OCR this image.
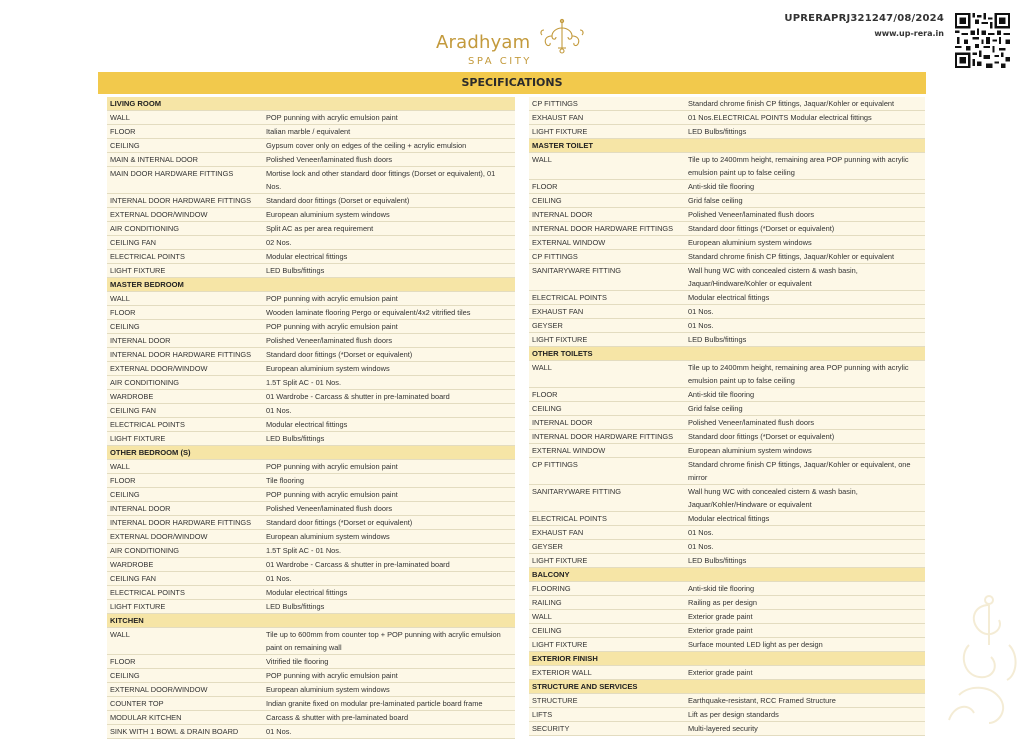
UPRERAPRJ321247/08/2024
www.up-rera.in
Aradhyam
SPA CITY
SPECIFICATIONS
LIVING ROOM
WALL	POP punning with acrylic emulsion paint
FLOOR	Italian marble / equivalent
CEILING	Gypsum cover only on edges of the ceiling + acrylic emulsion
MAIN & INTERNAL DOOR	Polished Veneer/laminated flush doors
MAIN DOOR HARDWARE FITTINGS	Mortise lock and other standard door fittings (Dorset or equivalent), 01 Nos.
INTERNAL DOOR HARDWARE FITTINGS	Standard door fittings (Dorset or equivalent)
EXTERNAL DOOR/WINDOW	European aluminium system windows
AIR CONDITIONING	Split AC as per area requirement
CEILING FAN	02 Nos.
ELECTRICAL POINTS	Modular electrical fittings
LIGHT FIXTURE	LED Bulbs/fittings
MASTER BEDROOM
WALL	POP punning with acrylic emulsion paint
FLOOR	Wooden laminate flooring Pergo or equivalent/4x2 vitrified tiles
CEILING	POP punning with acrylic emulsion paint
INTERNAL DOOR	Polished Veneer/laminated flush doors
INTERNAL DOOR HARDWARE FITTINGS	Standard door fittings (*Dorset or equivalent)
EXTERNAL DOOR/WINDOW	European aluminium system windows
AIR CONDITIONING	1.5T Split AC - 01 Nos.
WARDROBE	01 Wardrobe - Carcass & shutter in pre-laminated board
CEILING FAN	01 Nos.
ELECTRICAL POINTS	Modular electrical fittings
LIGHT FIXTURE	LED Bulbs/fittings
OTHER BEDROOM (S)
WALL	POP punning with acrylic emulsion paint
FLOOR	Tile flooring
CEILING	POP punning with acrylic emulsion paint
INTERNAL DOOR	Polished Veneer/laminated flush doors
INTERNAL DOOR HARDWARE FITTINGS	Standard door fittings (*Dorset or equivalent)
EXTERNAL DOOR/WINDOW	European aluminium system windows
AIR CONDITIONING	1.5T Split AC - 01 Nos.
WARDROBE	01 Wardrobe - Carcass & shutter in pre-laminated board
CEILING FAN	01 Nos.
ELECTRICAL POINTS	Modular electrical fittings
LIGHT FIXTURE	LED Bulbs/fittings
KITCHEN
WALL	Tile up to 600mm from counter top + POP punning with acrylic emulsion paint on remaining wall
FLOOR	Vitrified tile flooring
CEILING	POP punning with acrylic emulsion paint
EXTERNAL DOOR/WINDOW	European aluminium system windows
COUNTER TOP	Indian granite fixed on modular pre-laminated particle board frame
MODULAR KITCHEN	Carcass & shutter with pre-laminated board
SINK WITH 1 BOWL & DRAIN BOARD	01 Nos.
CP FITTINGS	Standard chrome finish CP fittings, Jaquar/Kohler or equivalent
EXHAUST FAN	01 Nos.ELECTRICAL POINTS Modular electrical fittings
LIGHT FIXTURE	LED Bulbs/fittings
MASTER TOILET
WALL	Tile up to 2400mm height, remaining area POP punning with acrylic emulsion paint up to false ceiling
FLOOR	Anti-skid tile flooring
CEILING	Grid false ceiling
INTERNAL DOOR	Polished Veneer/laminated flush doors
INTERNAL DOOR HARDWARE FITTINGS	Standard door fittings (*Dorset or equivalent)
EXTERNAL WINDOW	European aluminium system windows
CP FITTINGS	Standard chrome finish CP fittings, Jaquar/Kohler or equivalent
SANITARYWARE FITTING	Wall hung WC with concealed cistern & wash basin, Jaquar/Hindware/Kohler or equivalent
ELECTRICAL POINTS	Modular electrical fittings
EXHAUST FAN	01 Nos.
GEYSER	01 Nos.
LIGHT FIXTURE	LED Bulbs/fittings
OTHER TOILETS
WALL	Tile up to 2400mm height, remaining area POP punning with acrylic emulsion paint up to false ceiling
FLOOR	Anti-skid tile flooring
CEILING	Grid false ceiling
INTERNAL DOOR	Polished Veneer/laminated flush doors
INTERNAL DOOR HARDWARE FITTINGS	Standard door fittings (*Dorset or equivalent)
EXTERNAL WINDOW	European aluminium system windows
CP FITTINGS	Standard chrome finish CP fittings, Jaquar/Kohler or equivalent, one mirror
SANITARYWARE FITTING	Wall hung WC with concealed cistern & wash basin, Jaquar/Kohler/Hindware or equivalent
ELECTRICAL POINTS	Modular electrical fittings
EXHAUST FAN	01 Nos.
GEYSER	01 Nos.
LIGHT FIXTURE	LED Bulbs/fittings
BALCONY
FLOORING	Anti-skid tile flooring
RAILING	Railing as per design
WALL	Exterior grade paint
CEILING	Exterior grade paint
LIGHT FIXTURE	Surface mounted LED light as per design
EXTERIOR FINISH
EXTERIOR WALL	Exterior grade paint
STRUCTURE AND SERVICES
STRUCTURE	Earthquake-resistant, RCC Framed Structure
LIFTS	Lift as per design standards
SECURITY	Multi-layered security
